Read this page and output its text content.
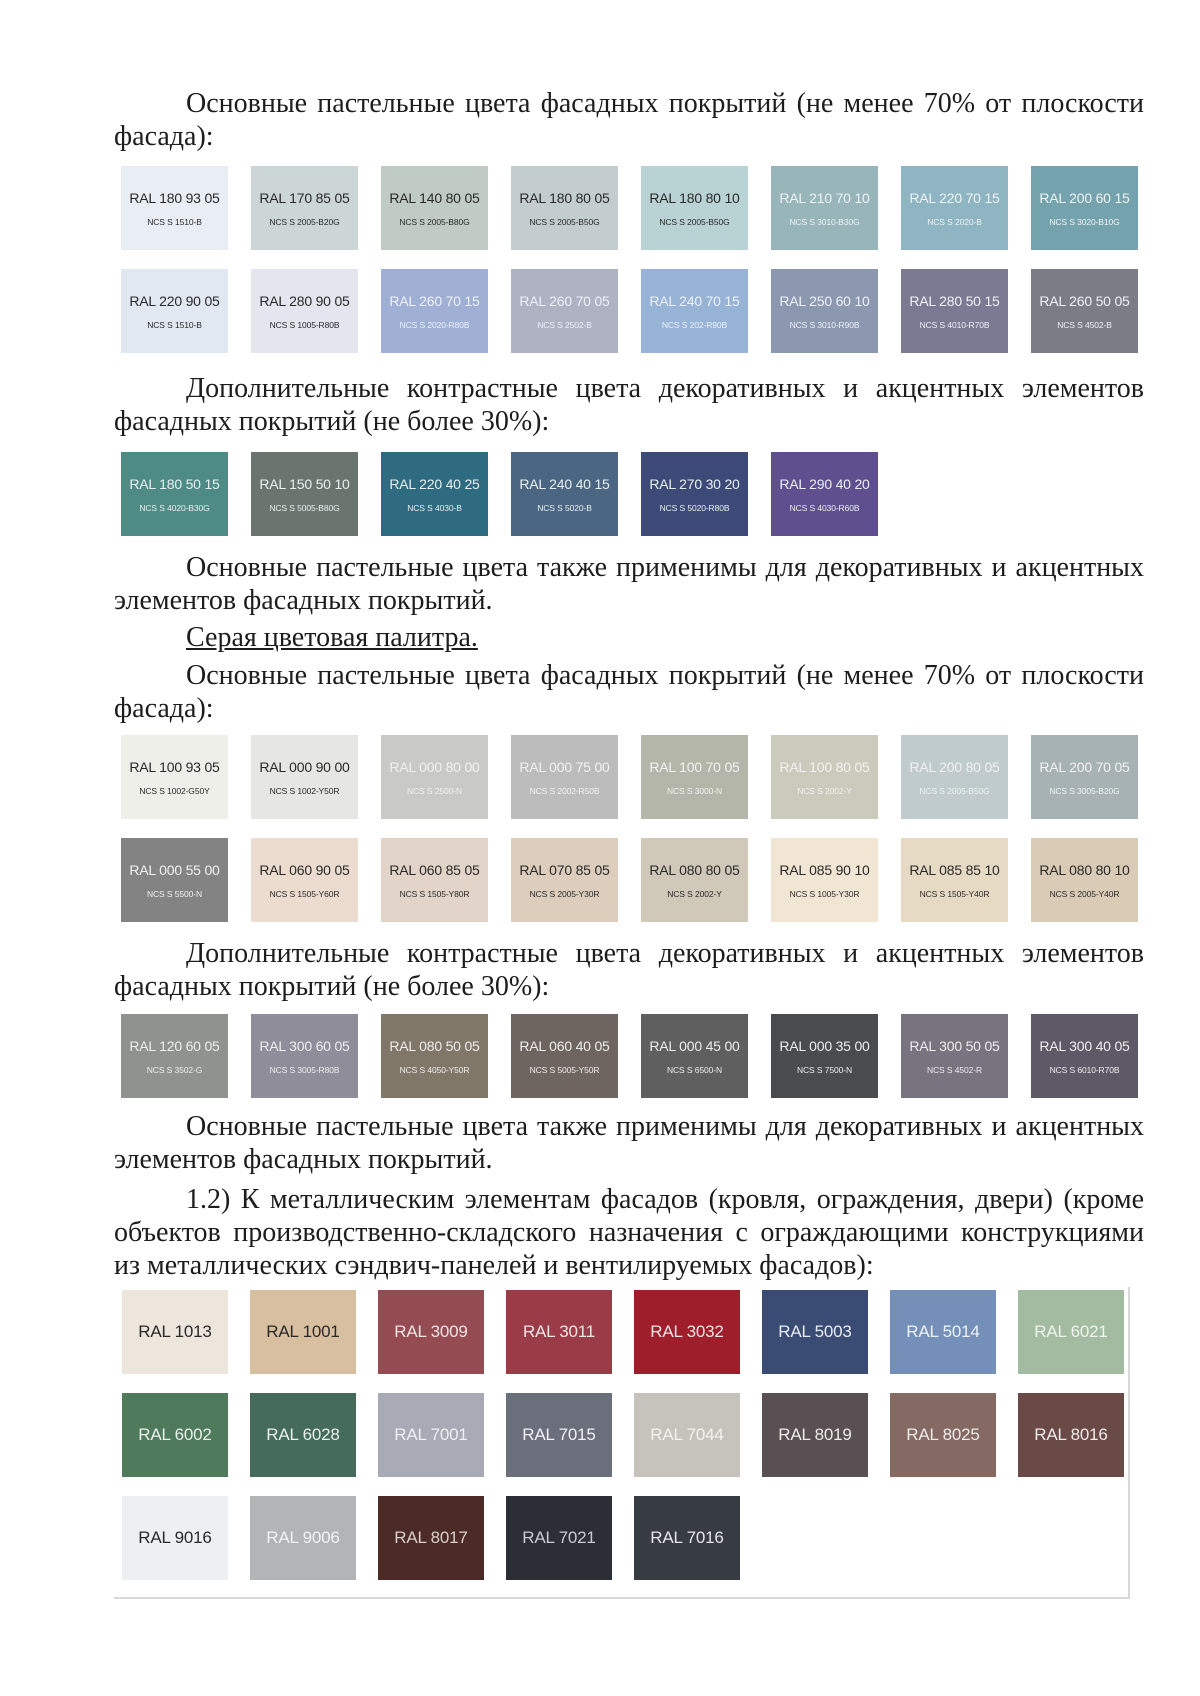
Основные пастельные цвета фасадных покрытий (не менее 70% от плоскости фасада):

RAL 180 93 05
NCS S 1510-B
RAL 170 85 05
NCS S 2005-B20G
RAL 140 80 05
NCS S 2005-B80G
RAL 180 80 05
NCS S 2005-B50G
RAL 180 80 10
NCS S 2005-B50G
RAL 210 70 10
NCS S 3010-B30G
RAL 220 70 15
NCS S 2020-B
RAL 200 60 15
NCS S 3020-B10G
RAL 220 90 05
NCS S 1510-B
RAL 280 90 05
NCS S 1005-R80B
RAL 260 70 15
NCS S 2020-R80B
RAL 260 70 05
NCS S 2502-B
RAL 240 70 15
NCS S 202-R90B
RAL 250 60 10
NCS S 3010-R90B
RAL 280 50 15
NCS S 4010-R70B
RAL 260 50 05
NCS S 4502-B

Дополнительные контрастные цвета декоративных и акцентных элементов фасадных покрытий (не более 30%):

RAL 180 50 15
NCS S 4020-B30G
RAL 150 50 10
NCS S 5005-B80G
RAL 220 40 25
NCS S 4030-B
RAL 240 40 15
NCS S 5020-B
RAL 270 30 20
NCS S 5020-R80B
RAL 290 40 20
NCS S 4030-R60B

Основные пастельные цвета также применимы для декоративных и акцентных элементов фасадных покрытий.

Серая цветовая палитра.

Основные пастельные цвета фасадных покрытий (не менее 70% от плоскости фасада):

RAL 100 93 05
NCS S 1002-G50Y
RAL 000 90 00
NCS S 1002-Y50R
RAL 000 80 00
NCS S 2500-N
RAL 000 75 00
NCS S 2002-R50B
RAL 100 70 05
NCS S 3000-N
RAL 100 80 05
NCS S 2002-Y
RAL 200 80 05
NCS S 2005-B50G
RAL 200 70 05
NCS S 3005-B20G
RAL 000 55 00
NCS S 5500-N
RAL 060 90 05
NCS S 1505-Y60R
RAL 060 85 05
NCS S 1505-Y80R
RAL 070 85 05
NCS S 2005-Y30R
RAL 080 80 05
NCS S 2002-Y
RAL 085 90 10
NCS S 1005-Y30R
RAL 085 85 10
NCS S 1505-Y40R
RAL 080 80 10
NCS S 2005-Y40R

Дополнительные контрастные цвета декоративных и акцентных элементов фасадных покрытий (не более 30%):

RAL 120 60 05
NCS S 3502-G
RAL 300 60 05
NCS S 3005-R80B
RAL 080 50 05
NCS S 4050-Y50R
RAL 060 40 05
NCS S 5005-Y50R
RAL 000 45 00
NCS S 6500-N
RAL 000 35 00
NCS S 7500-N
RAL 300 50 05
NCS S 4502-R
RAL 300 40 05
NCS S 6010-R70B

Основные пастельные цвета также применимы для декоративных и акцентных элементов фасадных покрытий.

1.2) К металлическим элементам фасадов (кровля, ограждения, двери) (кроме объектов производственно-складского назначения с ограждающими конструкциями из металлических сэндвич-панелей и вентилируемых фасадов):

RAL 1013	RAL 1001	RAL 3009	RAL 3011	RAL 3032	RAL 5003	RAL 5014	RAL 6021
RAL 6002	RAL 6028	RAL 7001	RAL 7015	RAL 7044	RAL 8019	RAL 8025	RAL 8016
RAL 9016	RAL 9006	RAL 8017	RAL 7021	RAL 7016
